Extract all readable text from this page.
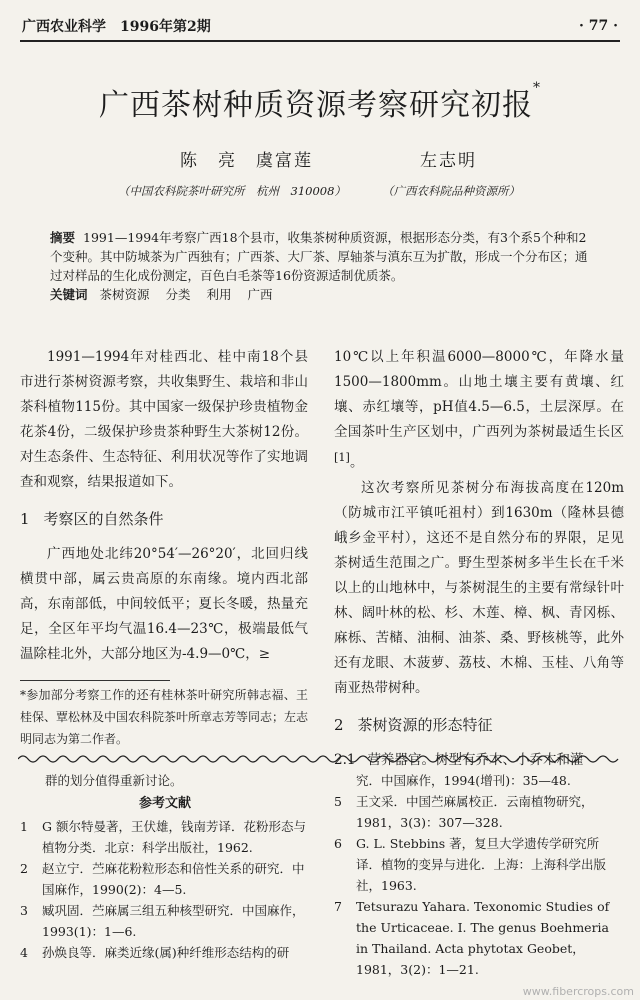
广西农业科学　1996年第2期	· 77 ·
广西茶树种质资源考察研究初报*
陈　亮　虞富莲	左志明
（中国农科院茶叶研究所　杭州　310008）	（广西农科院品种资源所）
摘要 1991—1994年考察广西18个县市，收集茶树种质资源，根据形态分类，有3个系5个种和2个变种。其中防城茶为广西独有；广西茶、大厂茶、厚轴茶与滇东互为扩散，形成一个分布区；通过对样品的生化成份测定，百色白毛茶等16份资源适制优质茶。
关键词 茶树资源 分类 利用 广西

1991—1994年对桂西北、桂中南18个县市进行茶树资源考察，共收集野生、栽培和非山茶科植物115份。其中国家一级保护珍贵植物金花茶4份，二级保护珍贵茶种野生大茶树12份。对生态条件、生态特征、利用状况等作了实地调查和观察，结果报道如下。

1 考察区的自然条件

广西地处北纬20°54′—26°20′，北回归线横贯中部，属云贵高原的东南缘。境内西北部高，东南部低，中间较低平；夏长冬暖，热量充足，全区年平均气温16.4—23℃，极端最低气温除桂北外，大部分地区为-4.9—0℃，≥

10℃以上年积温6000—8000℃，年降水量1500—1800mm。山地土壤主要有黄壤、红壤、赤红壤等，pH值4.5—6.5，土层深厚。在全国茶叶生产区划中，广西列为茶树最适生长区[1]。

这次考察所见茶树分布海拔高度在120m（防城市江平镇吒祖村）到1630m（隆林县德峨乡金平村），这还不是自然分布的界限，足见茶树适生范围之广。野生型茶树多半生长在千米以上的山地林中，与茶树混生的主要有常绿针叶林、阔叶林的松、杉、木莲、樟、枫、青冈栎、麻栎、苦槠、油桐、油茶、桑、野核桃等，此外还有龙眼、木菠萝、荔枝、木棉、玉桂、八角等南亚热带树种。

2 茶树资源的形态特征

2.1 营养器官。树型有乔木、小乔木和灌

*参加部分考察工作的还有桂林茶叶研究所韩志福、王桂保、覃松林及中国农科院茶叶所章志芳等同志；左志明同志为第二作者。
群的划分值得重新讨论。
参考文献
1	G 额尔特曼著，王伏雄，钱南芳译．花粉形态与植物分类．北京：科学出版社，1962.
2	赵立宁．苎麻花粉粒形态和倍性关系的研究．中国麻作，1990(2)：4—5.
3	臧巩固．苎麻属三组五种核型研究．中国麻作，1993(1)：1—6.
4	孙焕良等．麻类近缘(属)种纤维形态结构的研
究．中国麻作，1994(增刊)：35—48.
5	王文采．中国苎麻属校正．云南植物研究，1981，3(3)：307—328.
6	G. L. Stebbins 著，复旦大学遗传学研究所译．植物的变异与进化．上海：上海科学出版社，1963.
7	Tetsurazu Yahara. Texonomic Studies of the Urticaceae. I. The genus Boehmeria in Thailand. Acta phytotax Geobet，1981，3(2)：1—21.
www.fibercrops.com
